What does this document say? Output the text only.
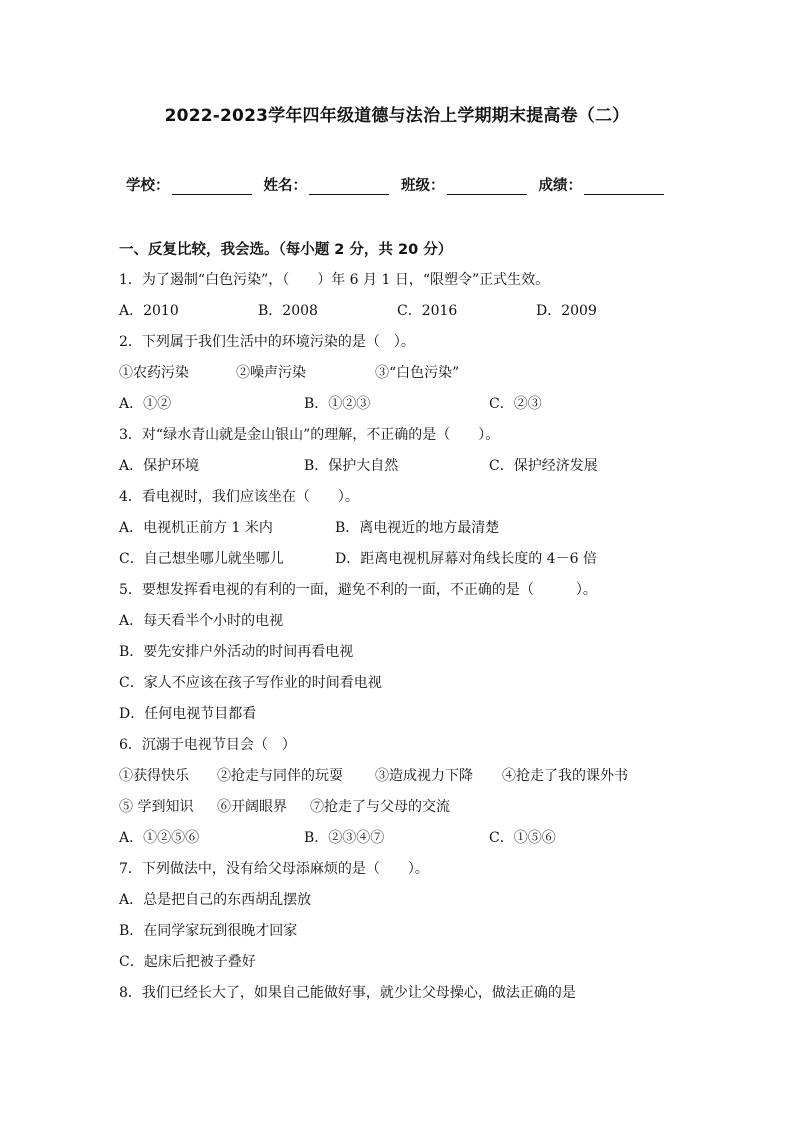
2022-2023学年四年级道德与法治上学期期末提高卷（二）
学校：	姓名：	班级：	成绩：
一、反复比较，我会选。（每小题 2 分，共 20 分）
1．为了遏制“白色污染”，（　　）年 6 月 1 日，“限塑令”正式生效。
A．2010	B．2008	C．2016	D．2009
2．下列属于我们生活中的环境污染的是（　）。
①农药污染	②噪声污染	③“白色污染”
A．①②	B．①②③	C．②③
3．对“绿水青山就是金山银山”的理解，不正确的是（　　）。
A．保护环境	B．保护大自然	C．保护经济发展
4．看电视时，我们应该坐在（　　）。
A．电视机正前方 1 米内	B．离电视近的地方最清楚
C．自己想坐哪儿就坐哪儿	D．距离电视机屏幕对角线长度的 4－6 倍
5．要想发挥看电视的有利的一面，避免不利的一面，不正确的是（　　　）。
A．每天看半个小时的电视
B．要先安排户外活动的时间再看电视
C．家人不应该在孩子写作业的时间看电视
D．任何电视节目都看
6．沉溺于电视节目会（　）
①获得快乐	②抢走与同伴的玩耍	③造成视力下降	④抢走了我的课外书
⑤ 学到知识	⑥开阔眼界	⑦抢走了与父母的交流
A．①②⑤⑥	B．②③④⑦	C．①⑤⑥
7．下列做法中，没有给父母添麻烦的是（　　）。
A．总是把自己的东西胡乱摆放
B．在同学家玩到很晚才回家
C．起床后把被子叠好
8．我们已经长大了，如果自己能做好事，就少让父母操心，做法正确的是
